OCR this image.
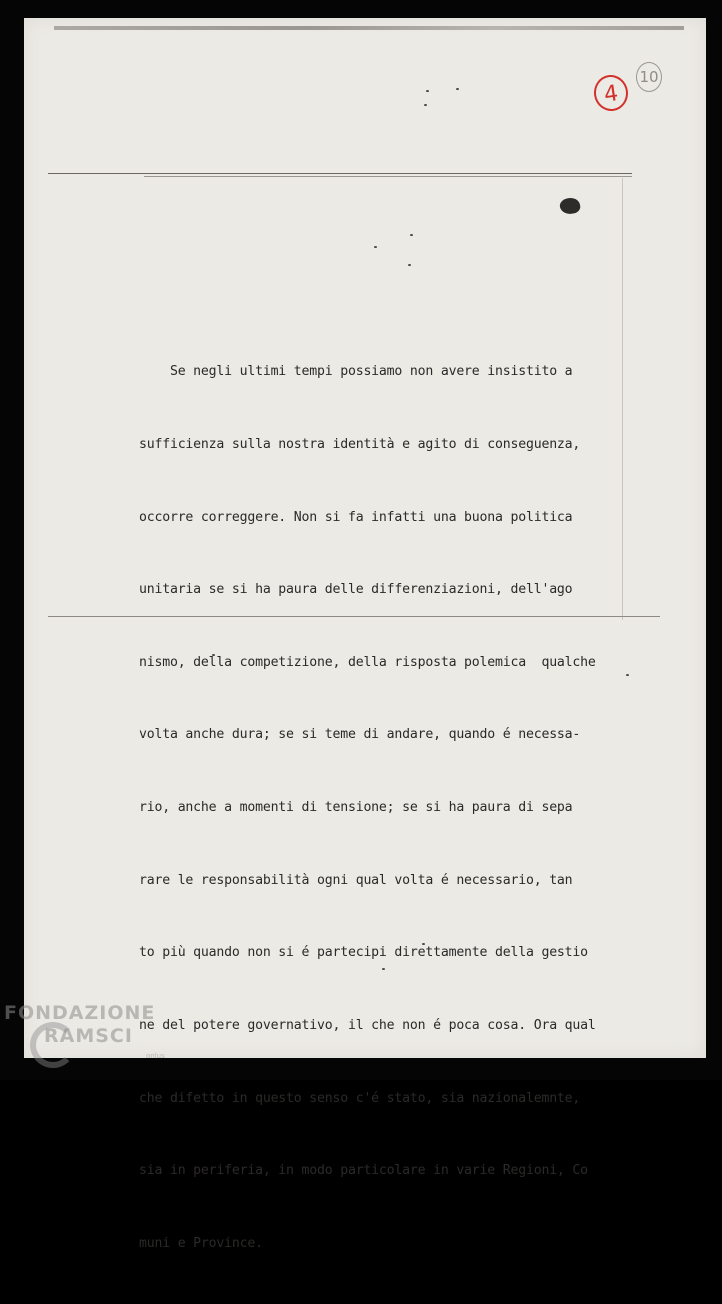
4
10

Se negli ultimi tempi possiamo non avere insistito a

sufficienza sulla nostra identità e agito di conseguenza,

occorre correggere. Non si fa infatti una buona politica

unitaria se si ha paura delle differenziazioni, dell'ago

nismo, della competizione, della risposta polemica  qualche

volta anche dura; se si teme di andare, quando é necessa-

rio, anche a momenti di tensione; se si ha paura di sepa

rare le responsabilità ogni qual volta é necessario, tan

to più quando non si é partecipi direttamente della gestio

ne del potere governativo, il che non é poca cosa. Ora qual

che difetto in questo senso c'é stato, sia nazionalemnte,

sia in periferia, in modo particolare in varie Regioni, Co

muni e Province.

FONDAZIONE
RAMSCI
onlus
